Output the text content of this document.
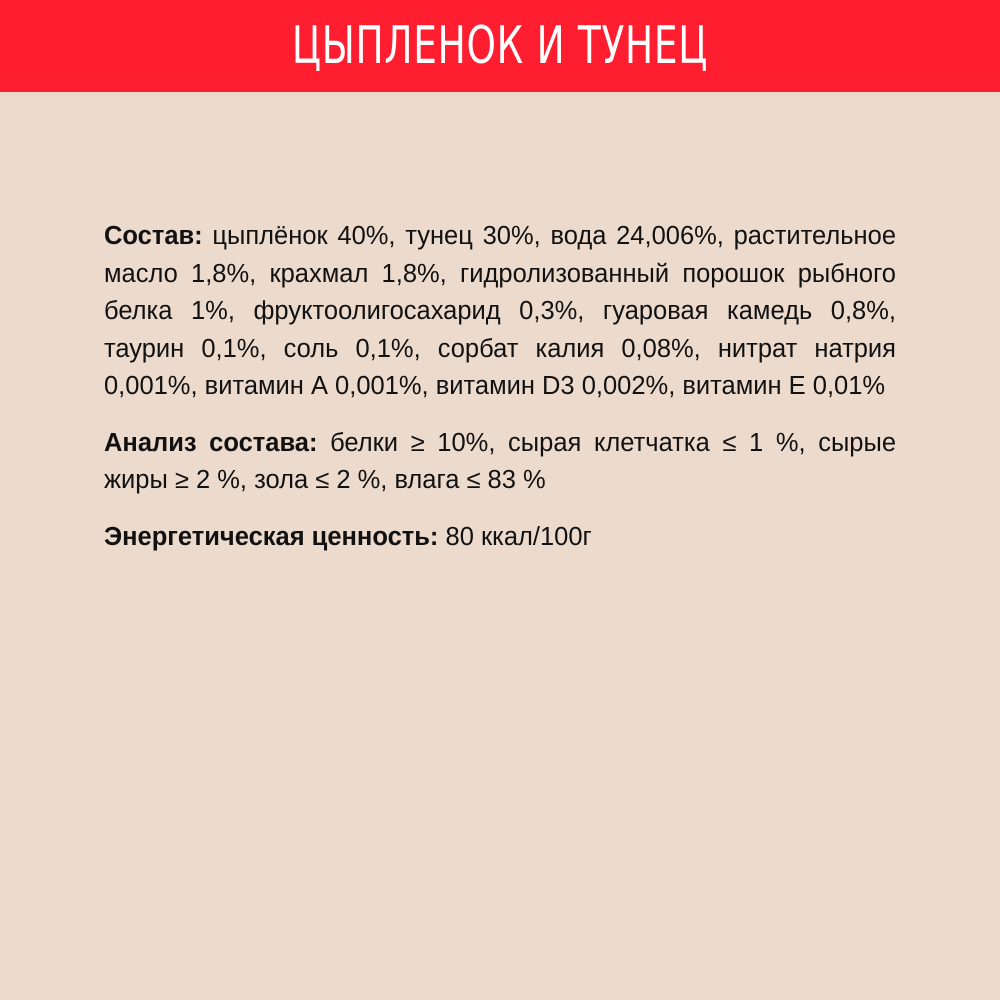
ЦЫПЛЕНОК И ТУНЕЦ

Состав: цыплёнок 40%, тунец 30%, вода 24,006%, растительное масло 1,8%, крахмал 1,8%, гидролизованный порошок рыбного белка 1%, фруктоолигосахарид 0,3%, гуаровая камедь 0,8%, таурин 0,1%, соль 0,1%, сорбат калия 0,08%, нитрат натрия 0,001%, витамин А 0,001%, витамин D3 0,002%, витамин Е 0,01%

Анализ состава: белки ≥ 10%, сырая клетчатка ≤ 1 %, сырые жиры ≥ 2 %, зола ≤ 2 %, влага ≤ 83 %

Энергетическая ценность: 80 ккал/100г
